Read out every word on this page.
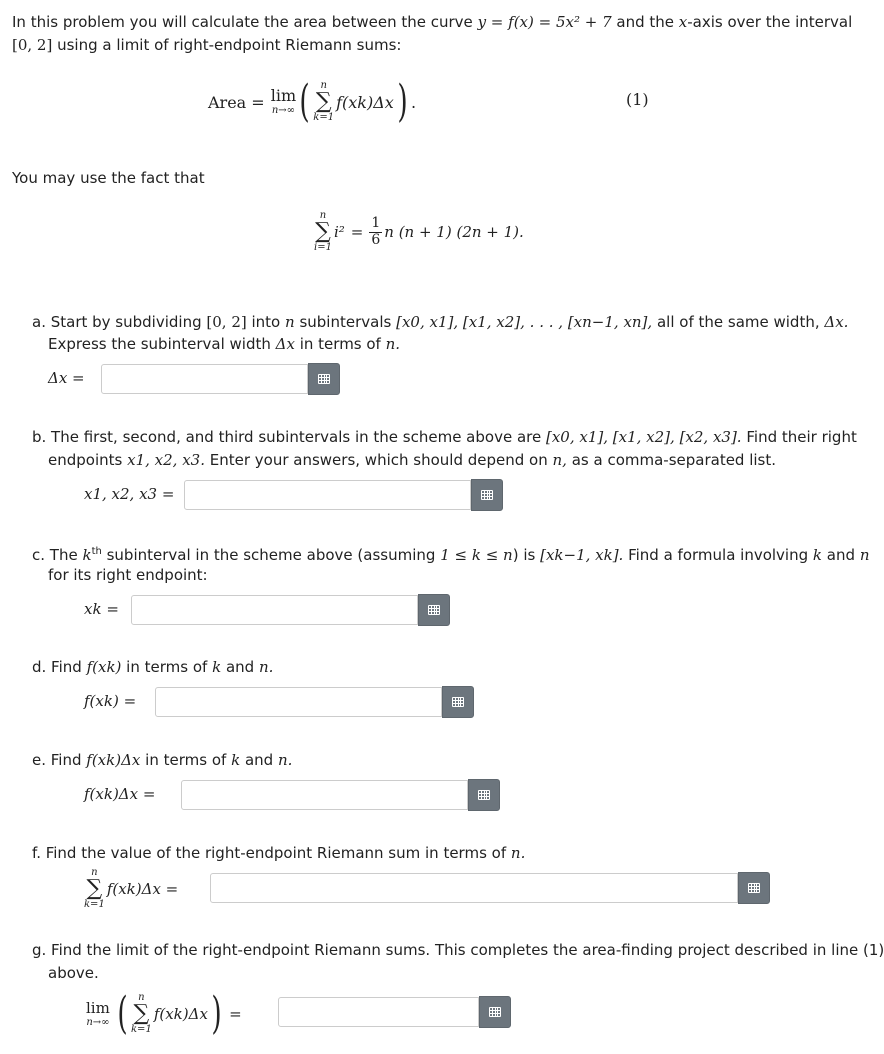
In this problem you will calculate the area between the curve y = f(x) = 5x² + 7 and the x-axis over the interval
[0, 2] using a limit of right-endpoint Riemann sums:
Area = lim
n→∞ ( n
∑
k=1
f(xk)Δx ) .	(1)
You may use the fact that
n
∑
i=1
$i^2 = \frac{1}{6}$ n (n + 1) (2n + 1).
a. Start by subdividing [0, 2] into n subintervals [x0, x1], [x1, x2], . . . , [xn−1, xn], all of the same width, Δx.
Express the subinterval width Δx in terms of n.
Δx =
b. The first, second, and third subintervals in the scheme above are [x0, x1], [x1, x2], [x2, x3]. Find their right
endpoints x1, x2, x3. Enter your answers, which should depend on n, as a comma-separated list.
x1, x2, x3 =
c. The $k^{th}$ subinterval in the scheme above (assuming 1 ≤ k ≤ n) is [xk−1, xk]. Find a formula involving k and n
for its right endpoint:
xk =
d. Find f(xk) in terms of k and n.
f(xk) =
e. Find f(xk)Δx in terms of k and n.
f(xk)Δx =
f. Find the value of the right-endpoint Riemann sum in terms of n.
n
∑
k=1
f(xk)Δx =
g. Find the limit of the right-endpoint Riemann sums. This completes the area-finding project described in line (1)
above.
lim
n→∞ ( n
∑
k=1
f(xk)Δx ) =
